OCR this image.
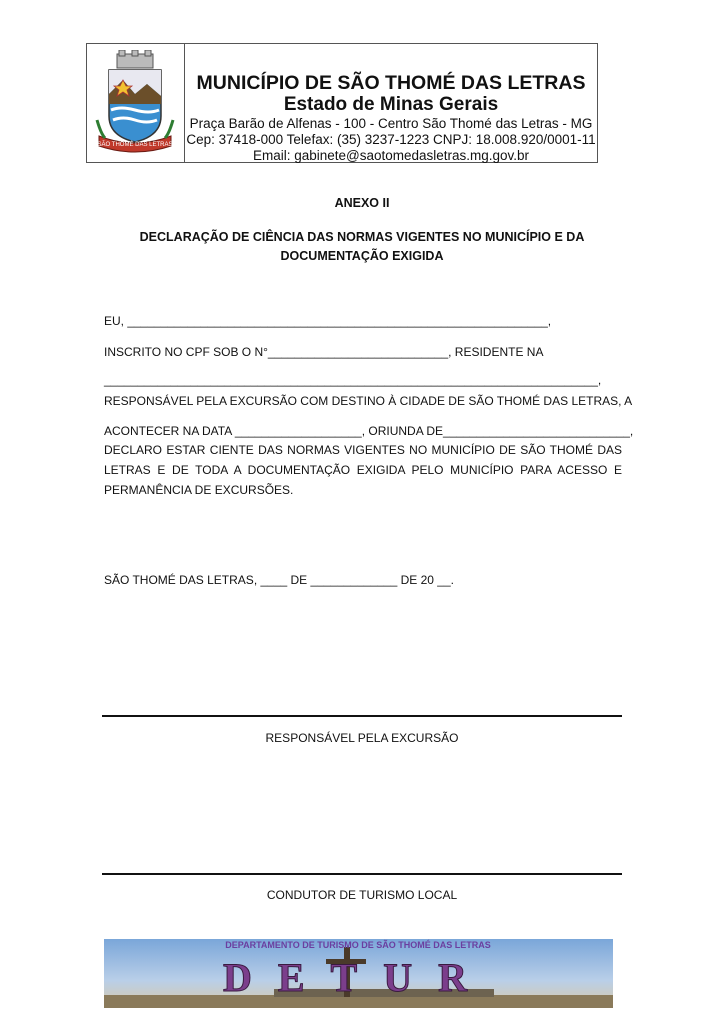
SÃO THOMÉ DAS LETRAS
MUNICÍPIO DE SÃO THOMÉ DAS LETRAS
Estado de Minas Gerais
Praça Barão de Alfenas - 100 - Centro São Thomé das Letras - MG
Cep: 37418-000 Telefax: (35) 3237-1223 CNPJ: 18.008.920/0001-11
Email: gabinete@saotomedasletras.mg.gov.br
ANEXO II
DECLARAÇÃO DE CIÊNCIA DAS NORMAS VIGENTES NO MUNICÍPIO E DA
DOCUMENTAÇÃO EXIGIDA
EU, _______________________________________________________________,
INSCRITO NO CPF SOB O N°___________________________, RESIDENTE NA
__________________________________________________________________________,
RESPONSÁVEL PELA EXCURSÃO COM DESTINO À CIDADE DE SÃO THOMÉ DAS LETRAS, A
ACONTECER NA DATA ___________________, ORIUNDA DE____________________________,
DECLARO ESTAR CIENTE DAS NORMAS VIGENTES NO MUNICÍPIO DE SÃO THOMÉ DAS LETRAS E DE TODA A DOCUMENTAÇÃO EXIGIDA PELO MUNICÍPIO PARA ACESSO E PERMANÊNCIA DE EXCURSÕES.
SÃO THOMÉ DAS LETRAS, ____ DE _____________ DE 20 __.
RESPONSÁVEL PELA EXCURSÃO
CONDUTOR DE TURISMO LOCAL
DEPARTAMENTO DE TURISMO DE SÃO THOMÉ DAS LETRAS
DETUR
